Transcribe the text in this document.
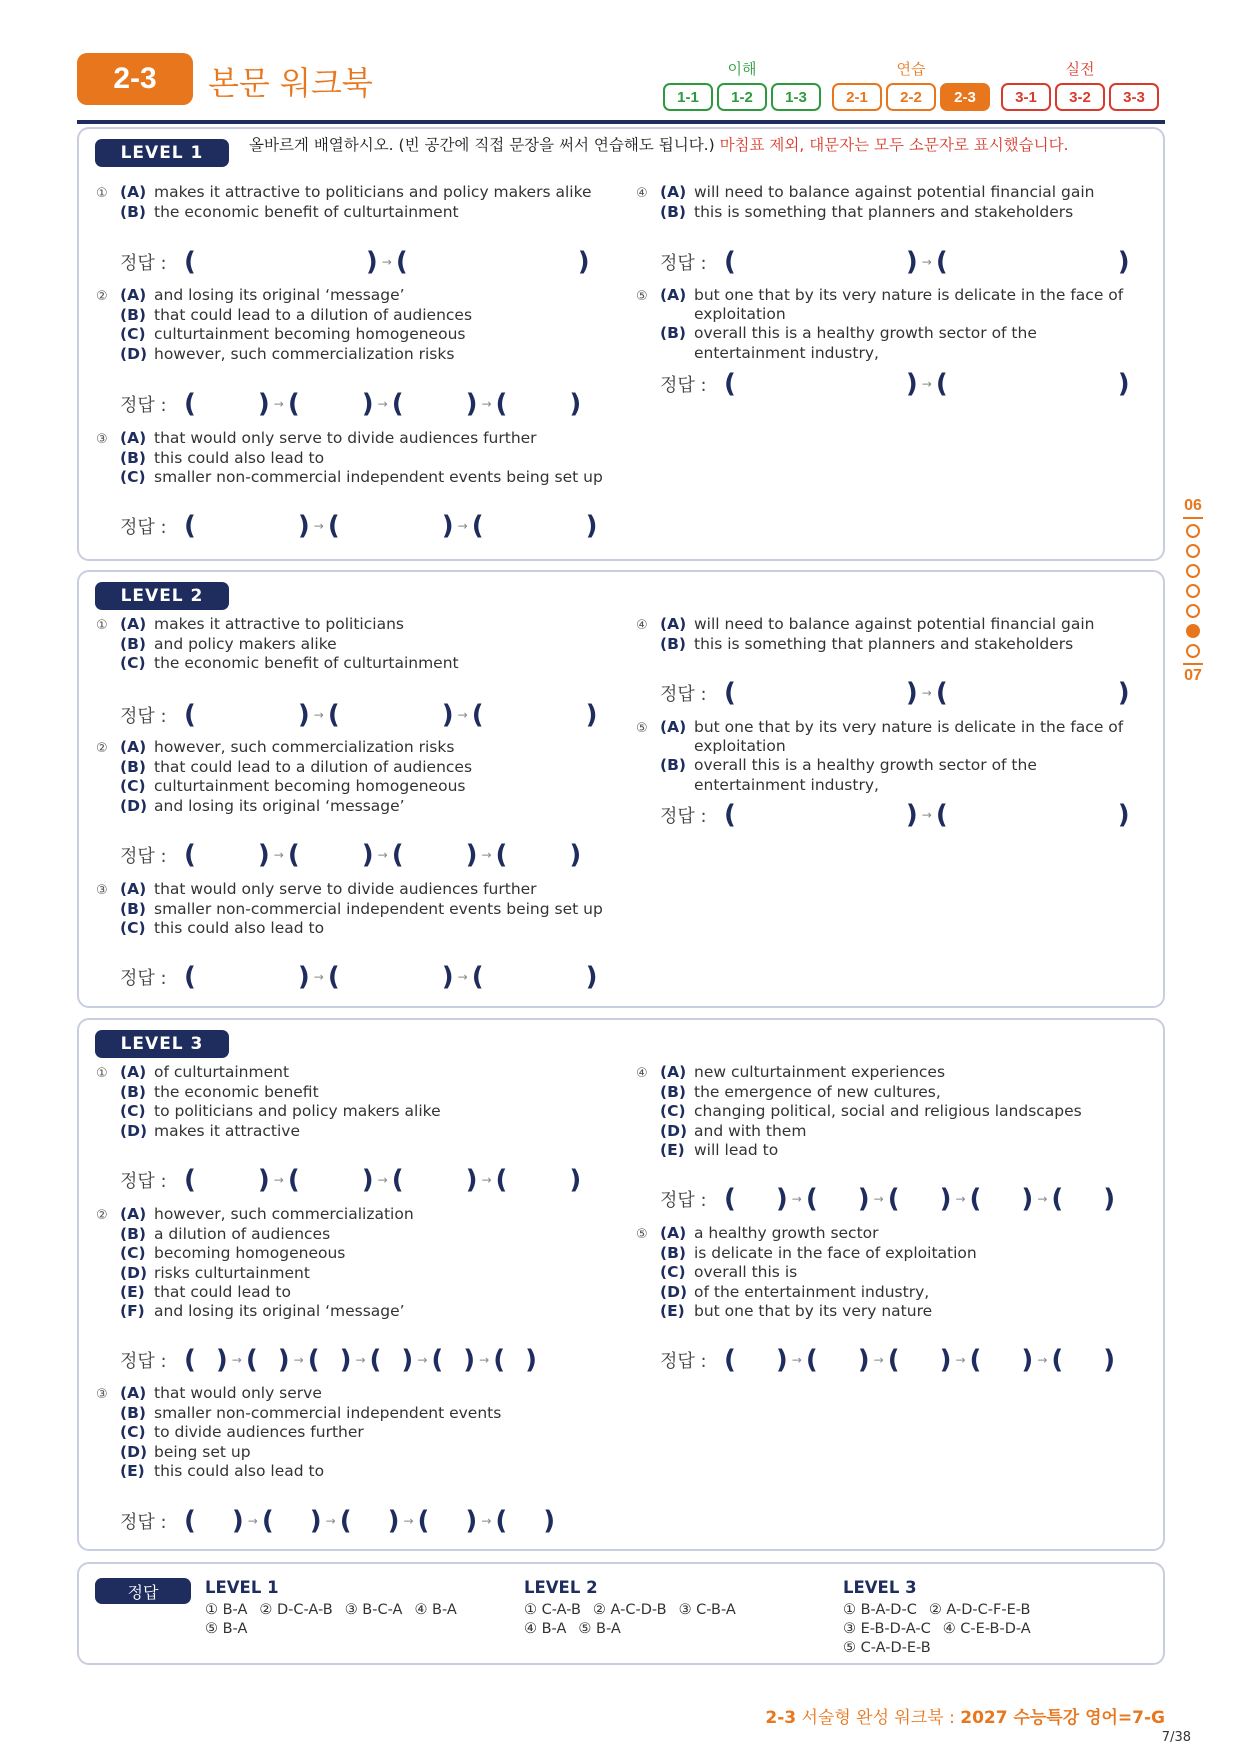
2-3	본문 워크북	이해
1-1	1-2	1-3
연습
2-1	2-2	2-3
실전
3-1	3-2	3-3
06
07
LEVEL 1	올바르게 배열하시오. (빈 공간에 직접 문장을 써서 연습해도 됩니다.) 마침표 제외, 대문자는 모두 소문자로 표시했습니다.
① (A) makes it attractive to politicians and policy makers alike
(B) the economic benefit of culturtainment
정답 : (	) → (	)
② (A) and losing its original ‘message’
(B) that could lead to a dilution of audiences
(C) culturtainment becoming homogeneous
(D) however, such commercialization risks
정답 : ( ) → ( ) → ( ) → ( )
③ (A) that would only serve to divide audiences further
(B) this could also lead to
(C) smaller non-commercial independent events being set up
정답 : (	) → (	) → (	)
④ (A) will need to balance against potential financial gain
(B) this is something that planners and stakeholders
정답 : (	) → (	)
⑤ (A) but one that by its very nature is delicate in the face of exploitation
(B) overall this is a healthy growth sector of the entertainment industry,
정답 : (	) → (	)
LEVEL 2
① (A) makes it attractive to politicians
(B) and policy makers alike
(C) the economic benefit of culturtainment
정답 : (	) → (	) → (	)
② (A) however, such commercialization risks
(B) that could lead to a dilution of audiences
(C) culturtainment becoming homogeneous
(D) and losing its original ‘message’
정답 : ( ) → ( ) → ( ) → ( )
③ (A) that would only serve to divide audiences further
(B) smaller non-commercial independent events being set up
(C) this could also lead to
정답 : (	) → (	) → (	)
④ (A) will need to balance against potential financial gain
(B) this is something that planners and stakeholders
정답 : (	) → (	)
⑤ (A) but one that by its very nature is delicate in the face of exploitation
(B) overall this is a healthy growth sector of the entertainment industry,
정답 : (	) → (	)
LEVEL 3
① (A) of culturtainment
(B) the economic benefit
(C) to politicians and policy makers alike
(D) makes it attractive
정답 : ( ) → ( ) → ( ) → ( )
② (A) however, such commercialization
(B) a dilution of audiences
(C) becoming homogeneous
(D) risks culturtainment
(E) that could lead to
(F) and losing its original ‘message’
정답 : ( ) → ( ) → ( ) → ( ) → ( ) → ( )
③ (A) that would only serve
(B) smaller non-commercial independent events
(C) to divide audiences further
(D) being set up
(E) this could also lead to
정답 : ( ) → ( ) → ( ) → ( ) → ( )
④ (A) new culturtainment experiences
(B) the emergence of new cultures,
(C) changing political, social and religious landscapes
(D) and with them
(E) will lead to
정답 : ( ) → ( ) → ( ) → ( ) → ( )
⑤ (A) a healthy growth sector
(B) is delicate in the face of exploitation
(C) overall this is
(D) of the entertainment industry,
(E) but one that by its very nature
정답 : ( ) → ( ) → ( ) → ( ) → ( )
정답	LEVEL 1
① B-A ② D-C-A-B ③ B-C-A ④ B-A
⑤ B-A
LEVEL 2
① C-A-B ② A-C-D-B ③ C-B-A
④ B-A ⑤ B-A
LEVEL 3
① B-A-D-C ② A-D-C-F-E-B
③ E-B-D-A-C ④ C-E-B-D-A
⑤ C-A-D-E-B
2-3 서술형 완성 워크북 : 2027 수능특강 영어=7-G
7/38
